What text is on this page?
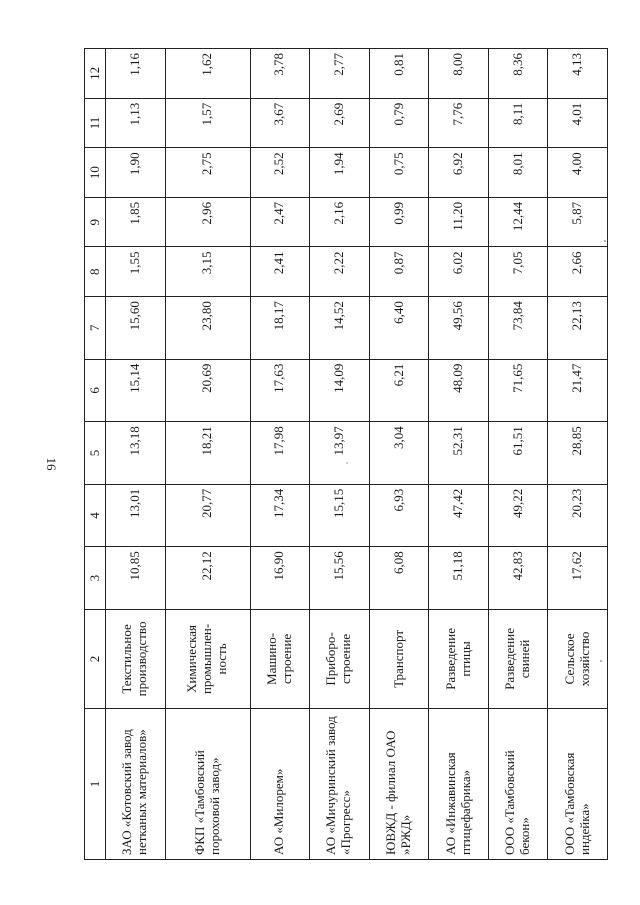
16
1	2	3	4	5	6	7	8	9	10	11	12
ЗАО «Котовский завод нетканых материалов»	Текстильное производство	10,85	13,01	13,18	15,14	15,60	1,55	1,85	1,90	1,13	1,16
ФКП «Тамбовский пороховой завод»	Химическая промышлен-ность	22,12	20,77	18,21	20,69	23,80	3,15	2,96	2,75	1,57	1,62
АО «Милорем»	Машино-строение	16,90	17,34	17,98	17,63	18,17	2,41	2,47	2,52	3,67	3,78
АО «Мичуринский завод «Прогресс»	Приборо-строение	15,56	15,15	13,97	14,09	14,52	2,22	2,16	1,94	2,69	2,77
ЮВЖД - филиал ОАО »РЖД»	Транспорт	6,08	6,93	3,04	6,21	6,40	0,87	0,99	0,75	0,79	0,81
АО «Инжавинская птицефабрика»	Разведение птицы	51,18	47,42	52,31	48,09	49,56	6,02	11,20	6,92	7,76	8,00
ООО «Тамбовский бекон»	Разведение свиней	42,83	49,22	61,51	71,65	73,84	7,05	12,44	8,01	8,11	8,36
ООО «Тамбовская индейка»	Сельское хозяйство	17,62	20,23	28,85	21,47	22,13	2,66	5,87	4,00	4,01	4,13
